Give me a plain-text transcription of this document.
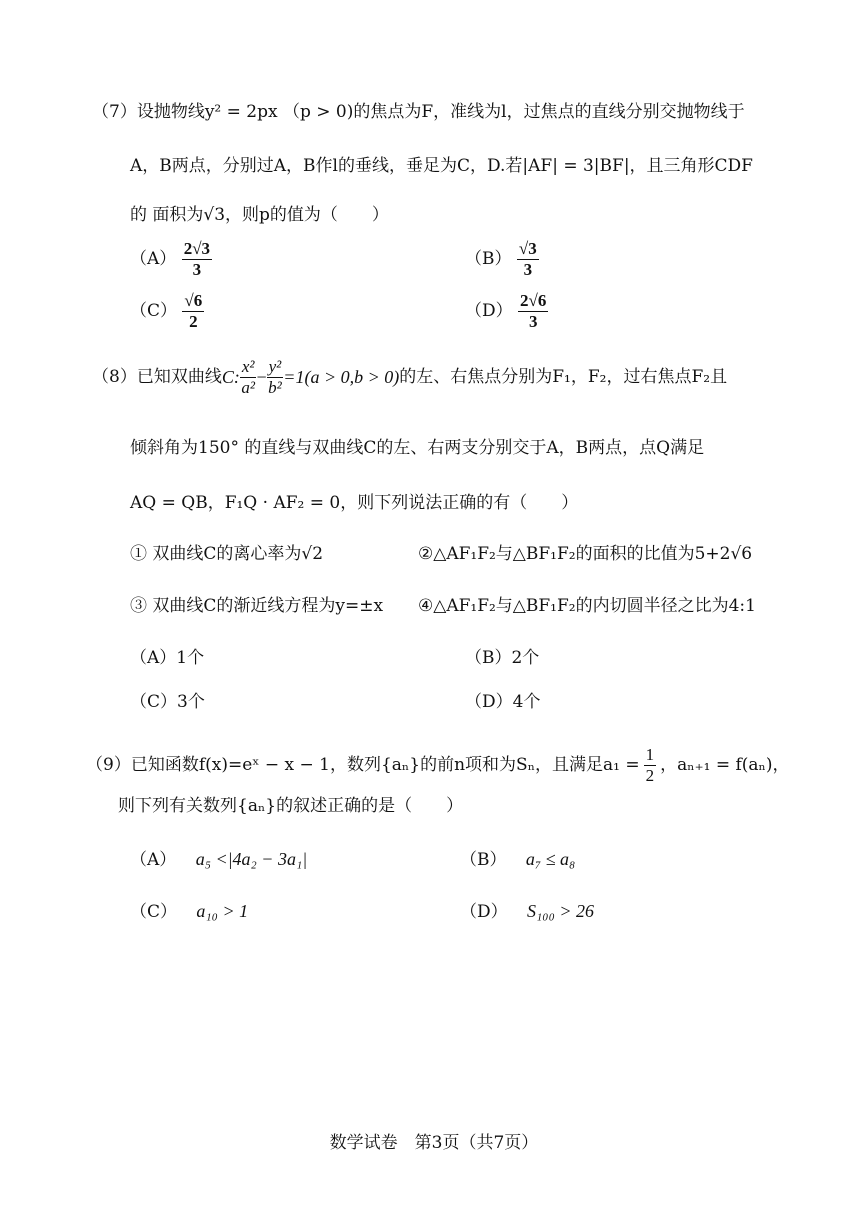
（7）设抛物线y² = 2px （p > 0)的焦点为F，准线为l，过焦点的直线分别交抛物线于
A，B两点，分别过A，B作l的垂线，垂足为C，D.若|AF| = 3|BF|，且三角形CDF
的 面积为√3，则p的值为（　　）
$(A) \frac{2√3}{3}$	$(B) \frac{√3}{3}$
$(C) \frac{√6}{2}$	$(D) \frac{2√6}{3}$
（8）已知双曲线 C: $\frac{\text{x²}}{\text{a²}} - \frac{\text{y²}}{\text{b²}} =1(a > 0,b > 0)$ 的左、右焦点分别为F₁，F₂，过右焦点F₂且
倾斜角为150° 的直线与双曲线C的左、右两支分别交于A，B两点，点Q满足
AQ = QB，F₁Q · AF₂ = 0，则下列说法正确的有（　　）
① 双曲线C的离心率为√2	②△AF₁F₂与△BF₁F₂的面积的比值为5+2√6
③ 双曲线C的渐近线方程为y=±x ④△AF₁F₂与△BF₁F₂的内切圆半径之比为4:1
（A）1个	（B）2个
（C）3个	（D）4个
（9）已知函数f(x)=eˣ − x − 1，数列{aₙ}的前n项和为Sₙ，且满足$a_1 = \frac{1}{2}$ ，aₙ₊₁ = f(aₙ)，
则下列有关数列{aₙ}的叙述正确的是（　　）
（A） a₅ <|4a₂ − 3a₁|	（B） a₇ ≤ a₈
（C） a₁₀ > 1	（D） S₁₀₀ > 26
数学试卷　第3页（共7页）
